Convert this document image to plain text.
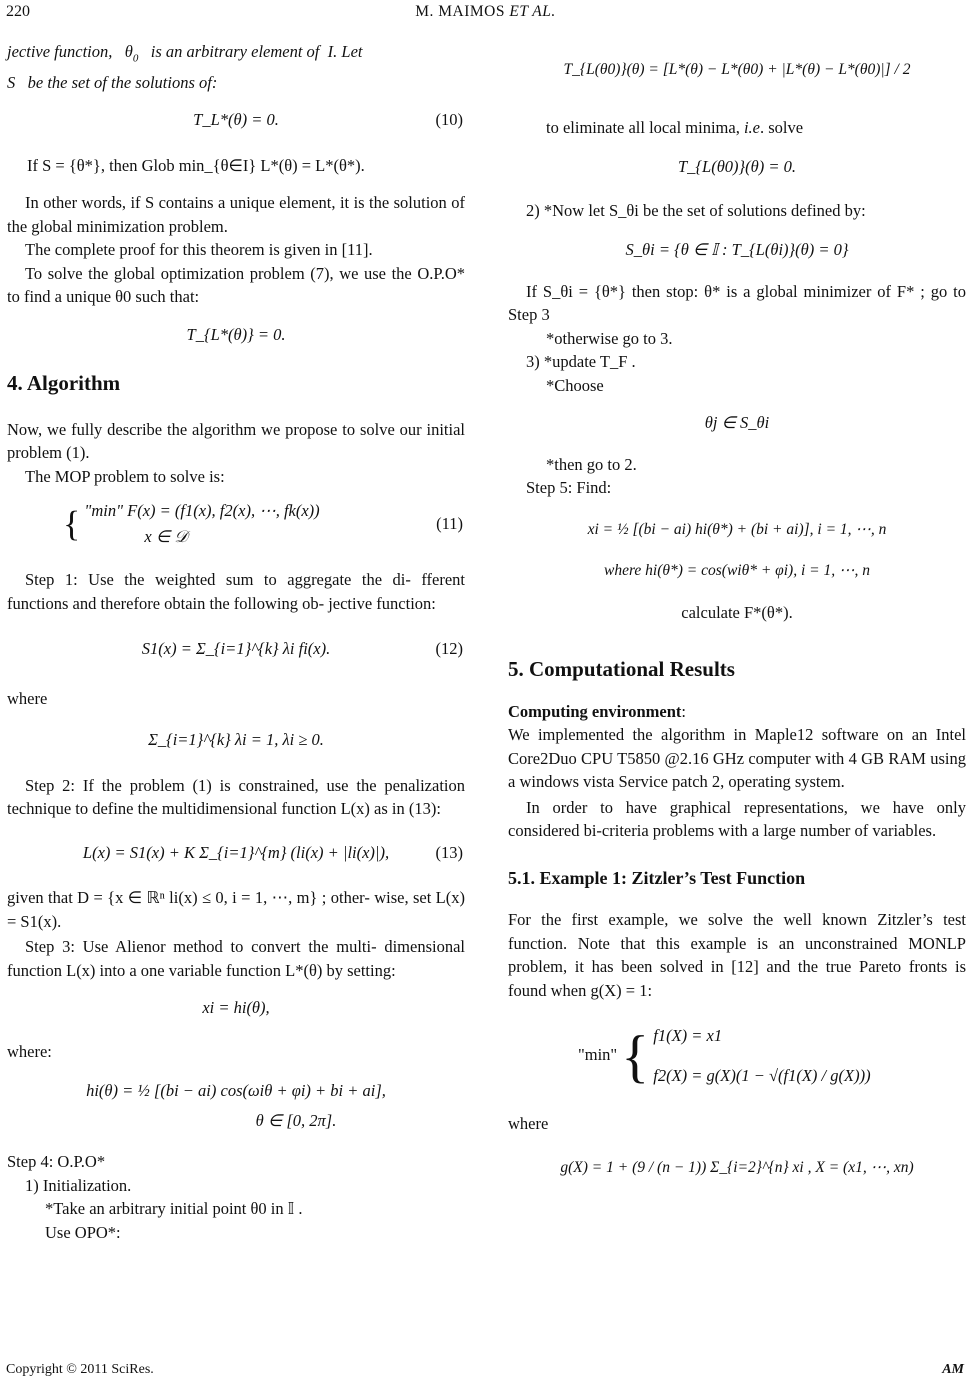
220	M. MAIMOS ET AL.

jective function,   $\theta_0$ is an arbitrary element of I. Let
S be the set of the solutions of:

T_L*(θ) = 0.	(10)
If S = {θ*}, then Glob min_{θ∈I} L*(θ) = L*(θ*).

In other words, if S contains a unique element, it is the solution of the global minimization problem.

The complete proof for this theorem is given in [11].

To solve the global optimization problem (7), we use the O.P.O* to find a unique θ0 such that:

T_{L*(θ)} = 0.
4. Algorithm

Now, we fully describe the algorithm we propose to solve our initial problem (1).

The MOP problem to solve is:

{ "min" F(x) = (f1(x), f2(x), ⋯, fk(x))
x ∈ 𝒟
(11)

Step 1: Use the weighted sum to aggregate the di- fferent functions and therefore obtain the following ob- jective function:

S1(x) = Σ_{i=1}^{k} λi fi(x).	(12)

where

Σ_{i=1}^{k} λi = 1, λi ≥ 0.

Step 2: If the problem (1) is constrained, use the penalization technique to define the multidimensional function L(x) as in (13):

L(x) = S1(x) + K Σ_{i=1}^{m} (li(x) + |li(x)|),	(13)

given that D = {x ∈ ℝⁿ li(x) ≤ 0, i = 1, ⋯, m} ; other- wise, set L(x) = S1(x).

Step 3: Use Alienor method to convert the multi- dimensional function L(x) into a one variable function L*(θ) by setting:

xi = hi(θ),

where:

hi(θ) = ½ [(bi − ai) cos(ωiθ + φi) + bi + ai],
θ ∈ [0, 2π].

Step 4: O.P.O*

1) Initialization.

*Take an arbitrary initial point θ0 in 𝕀 .

Use OPO*:

T_{L(θ0)}(θ) = [L*(θ) − L*(θ0) + |L*(θ) − L*(θ0)|] / 2

to eliminate all local minima, i.e. solve

T_{L(θ0)}(θ) = 0.

2) *Now let S_θi be the set of solutions defined by:

S_θi = {θ ∈ 𝕀 : T_{L(θi)}(θ) = 0}

If S_θi = {θ*} then stop: θ* is a global minimizer of F* ; go to Step 3

*otherwise go to 3.

3) *update T_F .

*Choose

θj ∈ S_θi

*then go to 2.

Step 5: Find:

xi = ½ [(bi − ai) hi(θ*) + (bi + ai)], i = 1, ⋯, n
where hi(θ*) = cos(wiθ* + φi), i = 1, ⋯, n
calculate F*(θ*).
5. Computational Results

Computing environment:

We implemented the algorithm in Maple12 software on an Intel Core2Duo CPU T5850 @2.16 GHz computer with 4 GB RAM using a windows vista Service patch 2, operating system.

In order to have graphical representations, we have only considered bi-criteria problems with a large number of variables.

5.1. Example 1: Zitzler’s Test Function

For the first example, we solve the well known Zitzler’s test function. Note that this example is an unconstrained MONLP problem, it has been solved in [12] and the true Pareto fronts is found when g(X) = 1:

"min" { f1(X) = x1
f2(X) = g(X)(1 − √(f1(X) / g(X)))

where

g(X) = 1 + (9 / (n − 1)) Σ_{i=2}^{n} xi , X = (x1, ⋯, xn)
Copyright © 2011 SciRes.	AM
